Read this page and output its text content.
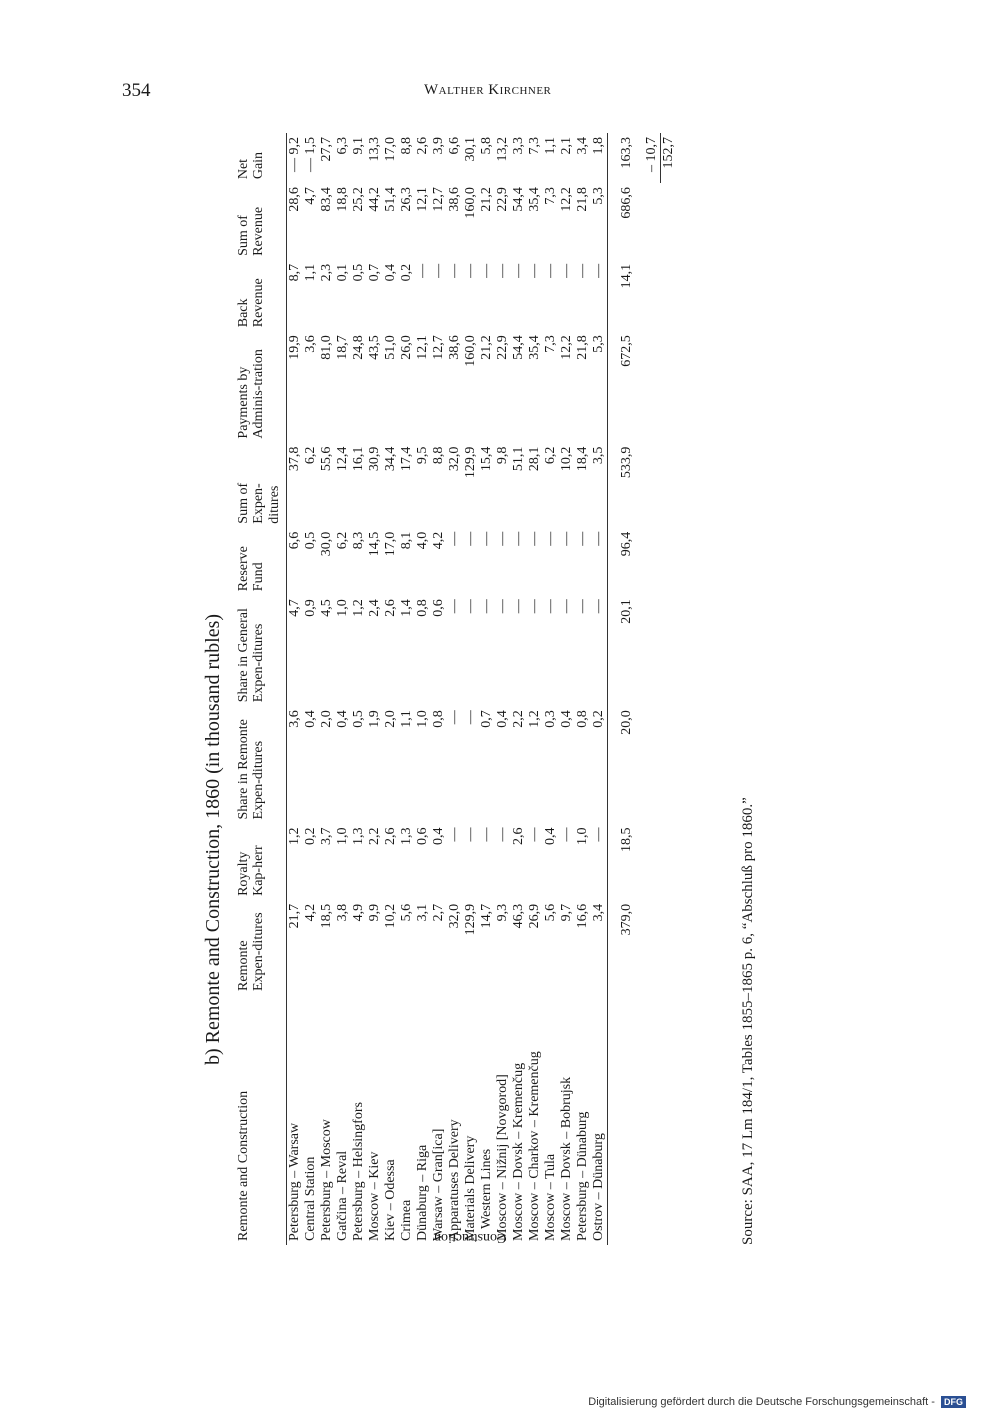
354	Walther Kirchner
b) Remonte and Construction, 1860 (in thousand rubles)
Remonte and Construction	Remonte Expen-ditures	Royalty Kap-herr	Share in Remonte Expen-ditures	Share in General Expen-ditures	Reserve Fund	Sum of Expen-ditures	Payments by Adminis-tration	Back Revenue	Sum of Revenue	Net Gain
Petersburg – Warsaw	21,7	1,2	3,6	4,7	6,6	37,8	19,9	8,7	28,6	— 9,2
Central Station	4,2	0,2	0,4	0,9	0,5	6,2	3,6	1,1	4,7	— 1,5
Petersburg – Moscow	18,5	3,7	2,0	4,5	30,0	55,6	81,0	2,3	83,4	27,7
Gatčina – Reval	3,8	1,0	0,4	1,0	6,2	12,4	18,7	0,1	18,8	6,3
Petersburg – Helsingfors	4,9	1,3	0,5	1,2	8,3	16,1	24,8	0,5	25,2	9,1
Moscow – Kiev	9,9	2,2	1,9	2,4	14,5	30,9	43,5	0,7	44,2	13,3
Kiev – Odessa	10,2	2,6	2,0	2,6	17,0	34,4	51,0	0,4	51,4	17,0
Crimea	5,6	1,3	1,1	1,4	8,1	17,4	26,0	0,2	26,3	8,8
Dünaburg – Riga	3,1	0,6	1,0	0,8	4,0	9,5	12,1	—	12,1	2,6
Warsaw – Gran[ica]	2,7	0,4	0,8	0,6	4,2	8,8	12,7	—	12,7	3,9
Apparatuses Delivery	32,0	—	—	—	—	32,0	38,6	—	38,6	6,6
Materials Delivery	129,9	—	—	—	—	129,9	160,0	—	160,0	30,1
Western Lines	14,7	—	0,7	—	—	15,4	21,2	—	21,2	5,8
Moscow – Nižnij [Novgorod]	9,3	—	0,4	—	—	9,8	22,9	—	22,9	13,2
Moscow – Dovsk – Kremenčug	46,3	2,6	2,2	—	—	51,1	54,4	—	54,4	3,3
Moscow – Charkov – Kremenčug	26,9	—	1,2	—	—	28,1	35,4	—	35,4	7,3
Moscow – Tula	5,6	0,4	0,3	—	—	6,2	7,3	—	7,3	1,1
Moscow – Dovsk – Bobrujsk	9,7	—	0,4	—	—	10,2	12,2	—	12,2	2,1
Petersburg – Dünaburg	16,6	1,0	0,8	—	—	18,4	21,8	—	21,8	3,4
Ostrov – Dünaburg	3,4	—	0,2	—	—	3,5	5,3	—	5,3	1,8
	379,0	18,5	20,0	20,1	96,4	533,9	672,5	14,1	686,6	163,3
										– 10,7
										152,7
Construction	Source: SAA, 17 Lm 184/1, Tables 1855–1865 p. 6, “Abschluß pro 1860.”
Digitalisierung gefördert durch die Deutsche Forschungsgemeinschaft - DFG
